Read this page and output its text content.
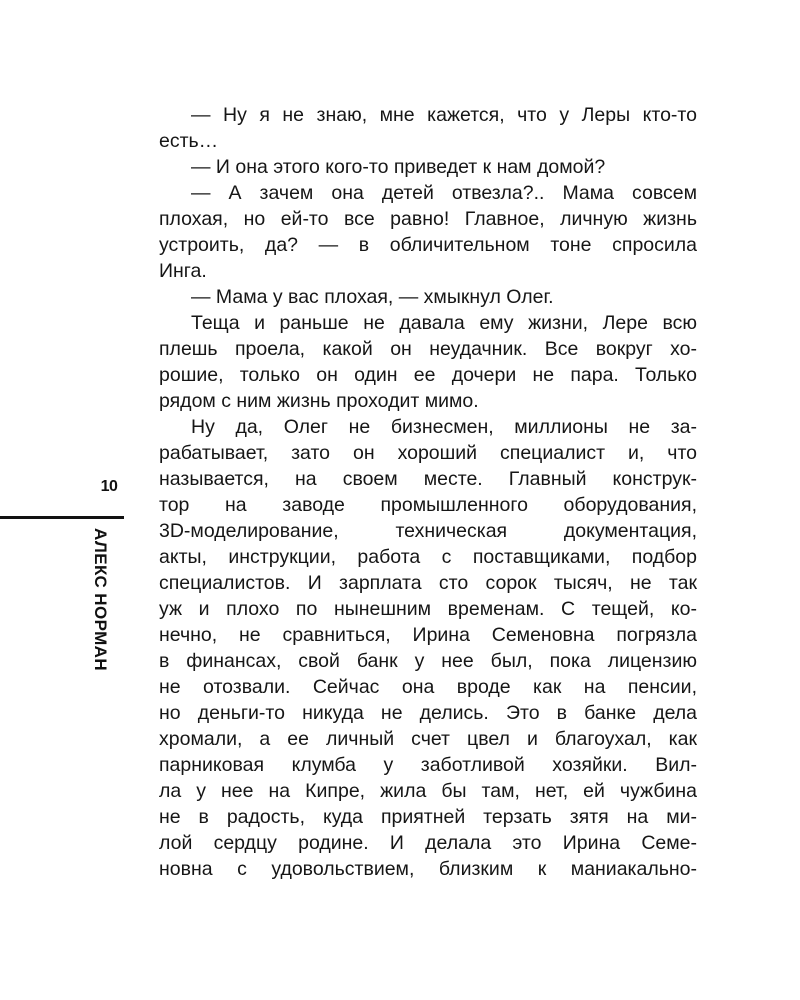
10
АЛЕКС НОРМАН
— Ну я не знаю, мне кажется, что у Леры кто-то
есть…
— И она этого кого-то приведет к нам домой?
— А зачем она детей отвезла?.. Мама совсем
плохая, но ей-то все равно! Главное, личную жизнь
устроить, да? — в обличительном тоне спросила
Инга.
— Мама у вас плохая, — хмыкнул Олег.
Теща и раньше не давала ему жизни, Лере всю
плешь проела, какой он неудачник. Все вокруг хо-
рошие, только он один ее дочери не пара. Только
рядом с ним жизнь проходит мимо.
Ну да, Олег не бизнесмен, миллионы не за-
рабатывает, зато он хороший специалист и, что
называется, на своем месте. Главный конструк-
тор на заводе промышленного оборудования,
3D-моделирование, техническая документация,
акты, инструкции, работа с поставщиками, подбор
специалистов. И зарплата сто сорок тысяч, не так
уж и плохо по нынешним временам. С тещей, ко-
нечно, не сравниться, Ирина Семеновна погрязла
в финансах, свой банк у нее был, пока лицензию
не отозвали. Сейчас она вроде как на пенсии,
но деньги-то никуда не делись. Это в банке дела
хромали, а ее личный счет цвел и благоухал, как
парниковая клумба у заботливой хозяйки. Вил-
ла у нее на Кипре, жила бы там, нет, ей чужбина
не в радость, куда приятней терзать зятя на ми-
лой сердцу родине. И делала это Ирина Семе-
новна с удовольствием, близким к маниакально-
